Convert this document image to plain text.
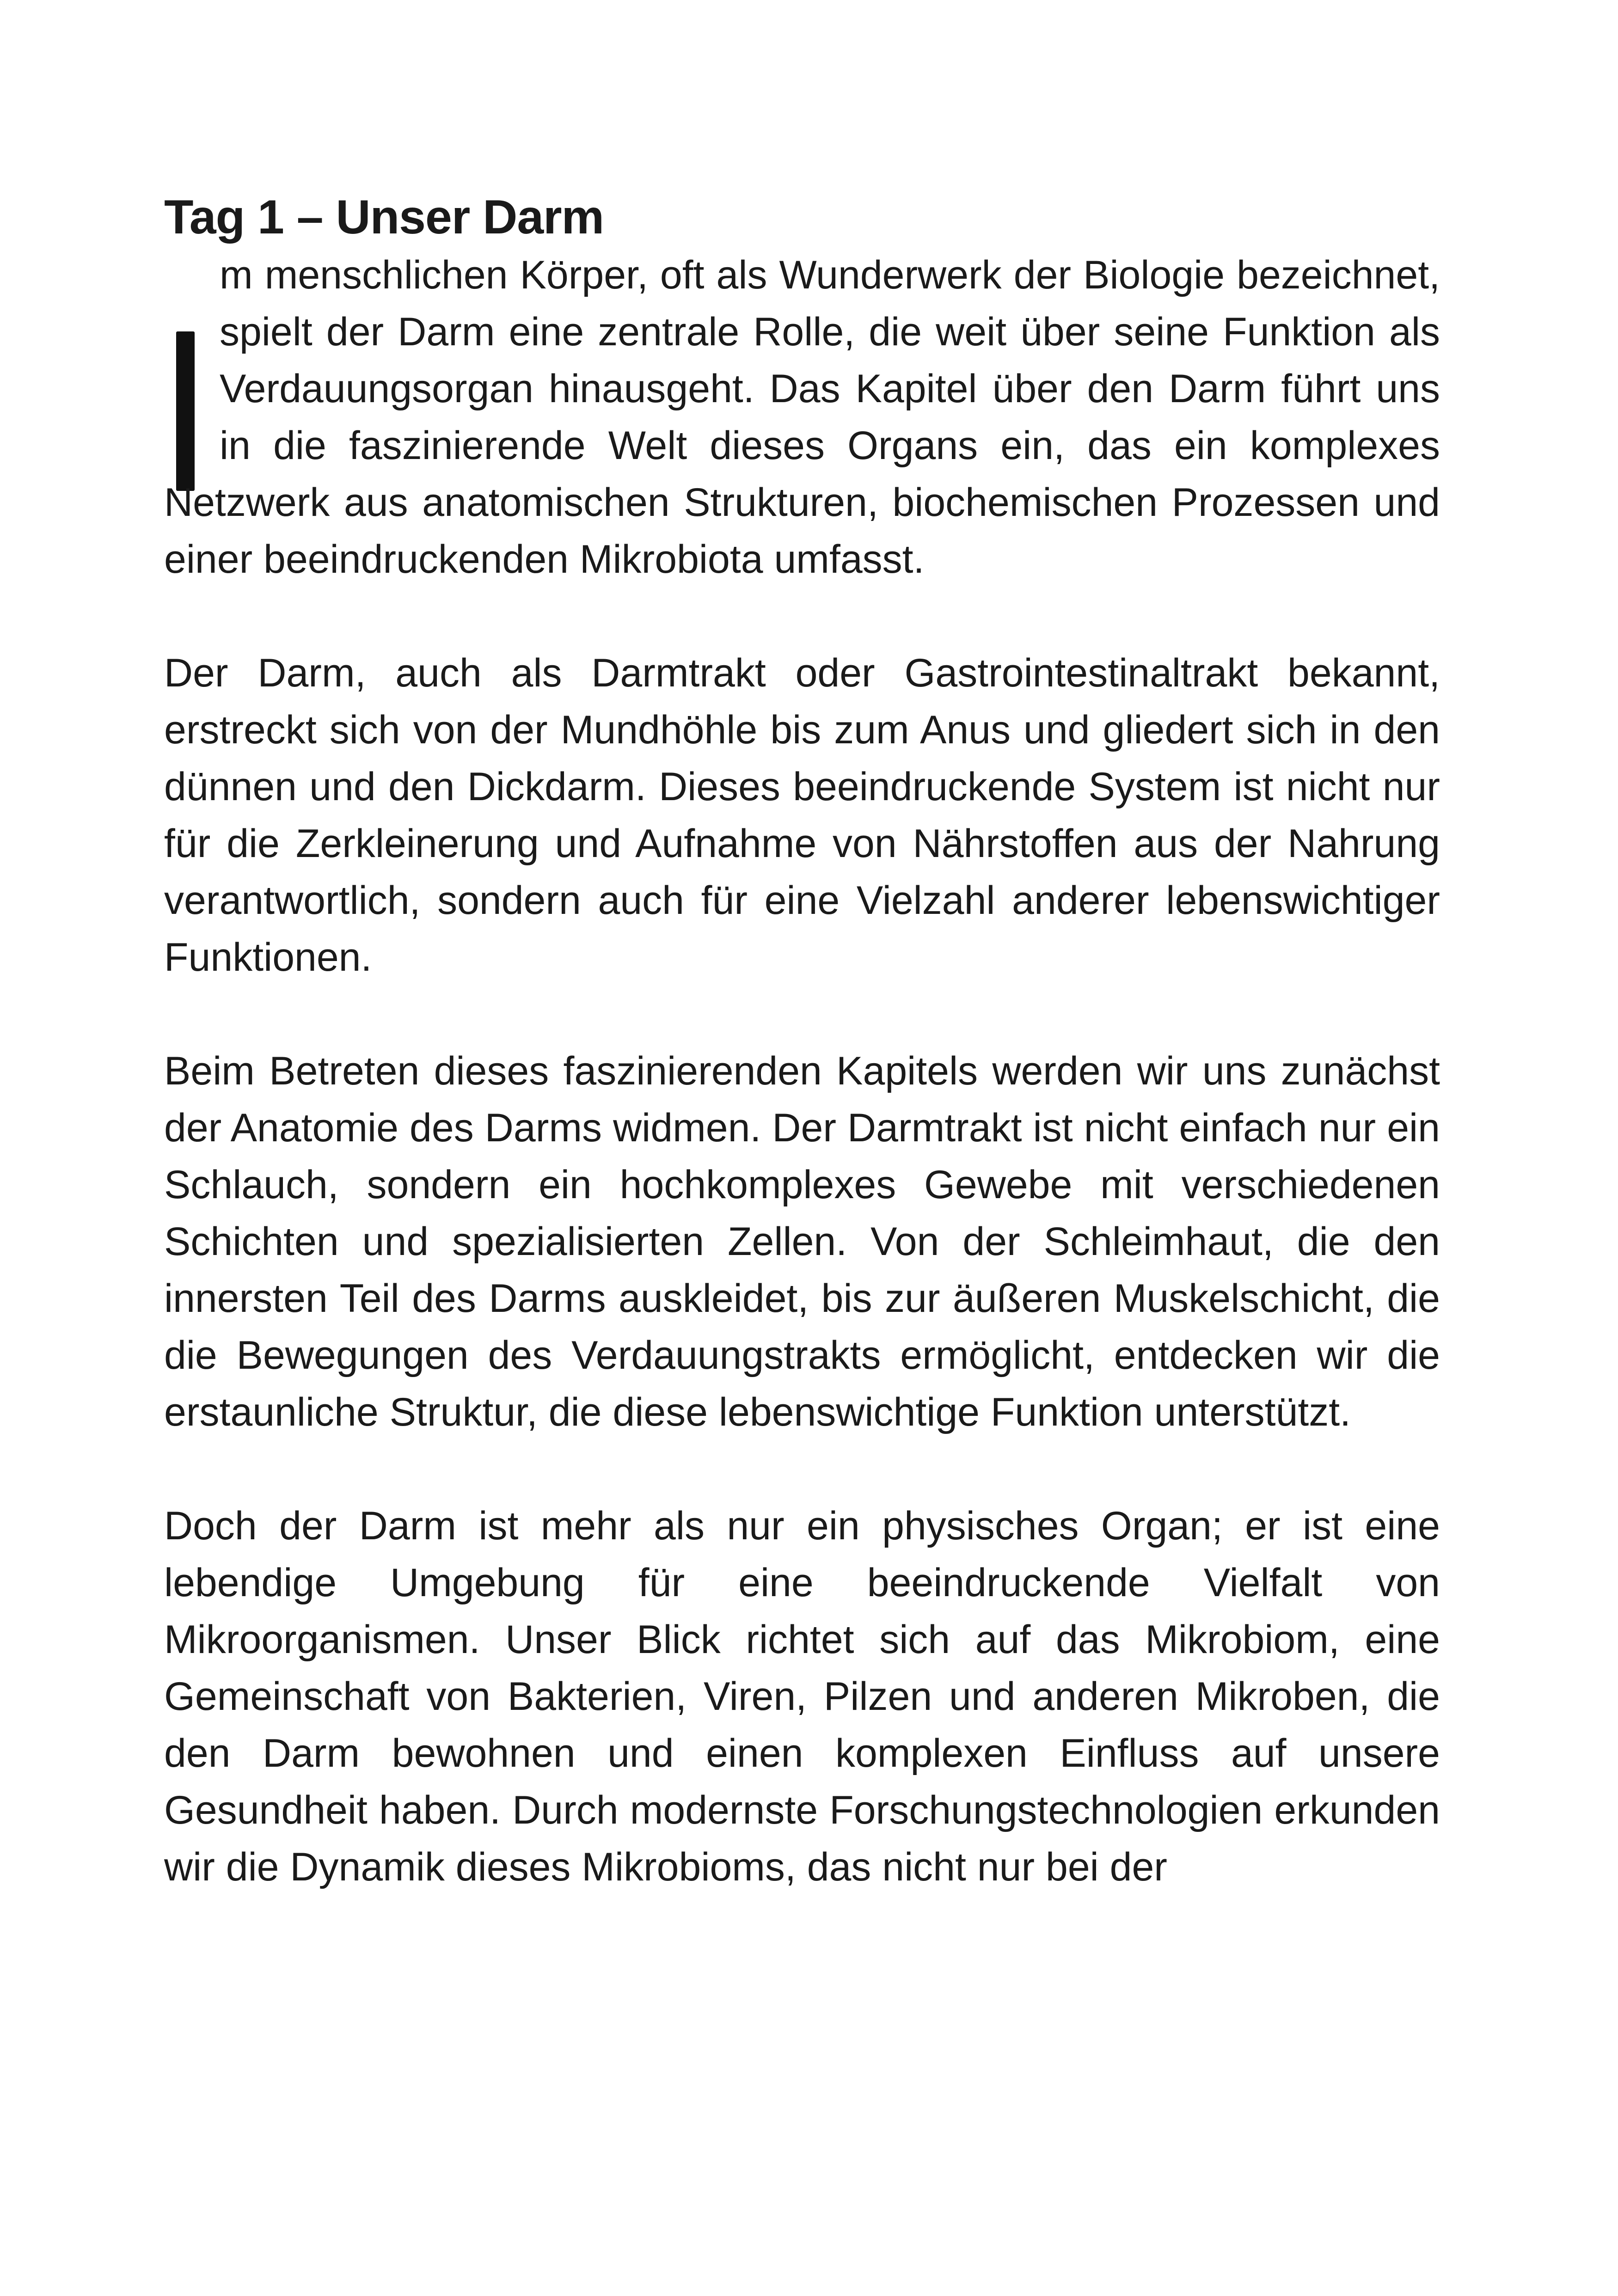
Tag 1 – Unser Darm

m menschlichen Körper, oft als Wunderwerk der Biologie bezeichnet, spielt der Darm eine zentrale Rolle, die weit über seine Funktion als Verdauungsorgan hinausgeht. Das Kapitel über den Darm führt uns in die faszinierende Welt dieses Organs ein, das ein komplexes Netzwerk aus anatomischen Strukturen, biochemischen Prozessen und einer beeindruckenden Mikrobiota umfasst.

Der Darm, auch als Darmtrakt oder Gastrointestinaltrakt bekannt, erstreckt sich von der Mundhöhle bis zum Anus und gliedert sich in den dünnen und den Dickdarm. Dieses beeindruckende System ist nicht nur für die Zerkleinerung und Aufnahme von Nährstoffen aus der Nahrung verantwortlich, sondern auch für eine Vielzahl anderer lebenswichtiger Funktionen.

Beim Betreten dieses faszinierenden Kapitels werden wir uns zunächst der Anatomie des Darms widmen. Der Darmtrakt ist nicht einfach nur ein Schlauch, sondern ein hochkomplexes Gewebe mit verschiedenen Schichten und spezialisierten Zellen. Von der Schleimhaut, die den innersten Teil des Darms auskleidet, bis zur äußeren Muskelschicht, die die Bewegungen des Verdauungstrakts ermöglicht, entdecken wir die erstaunliche Struktur, die diese lebenswichtige Funktion unterstützt.

Doch der Darm ist mehr als nur ein physisches Organ; er ist eine lebendige Umgebung für eine beeindruckende Vielfalt von Mikroorganismen. Unser Blick richtet sich auf das Mikrobiom, eine Gemeinschaft von Bakterien, Viren, Pilzen und anderen Mikroben, die den Darm bewohnen und einen komplexen Einfluss auf unsere Gesundheit haben. Durch modernste Forschungstechnologien erkunden wir die Dynamik dieses Mikrobioms, das nicht nur bei der
